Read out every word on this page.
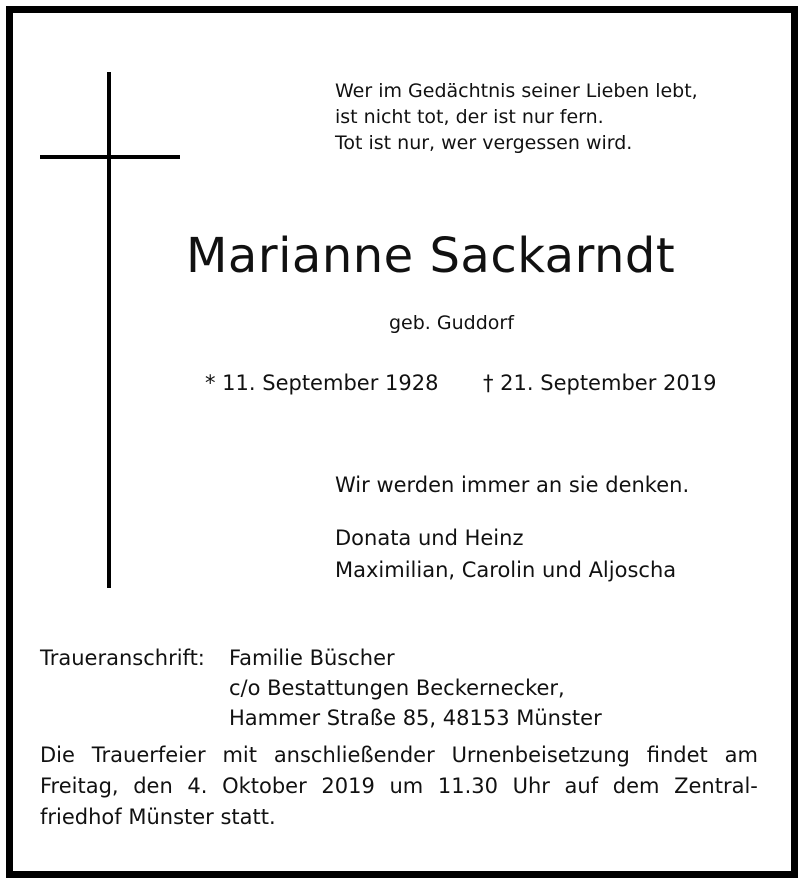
Wer im Gedächtnis seiner Lieben lebt,
ist nicht tot, der ist nur fern.
Tot ist nur, wer vergessen wird.
Marianne Sackarndt
geb. Guddorf
* 11. September 1928 † 21. September 2019
Wir werden immer an sie denken.
Donata und Heinz
Maximilian, Carolin und Aljoscha
Traueranschrift: Familie Büscher
c/o Bestattungen Beckernecker,
Hammer Straße 85, 48153 Münster
Die Trauerfeier mit anschließender Urnenbeisetzung findet am
Freitag, den 4. Oktober 2019 um 11.30 Uhr auf dem Zentral-
friedhof Münster statt.
